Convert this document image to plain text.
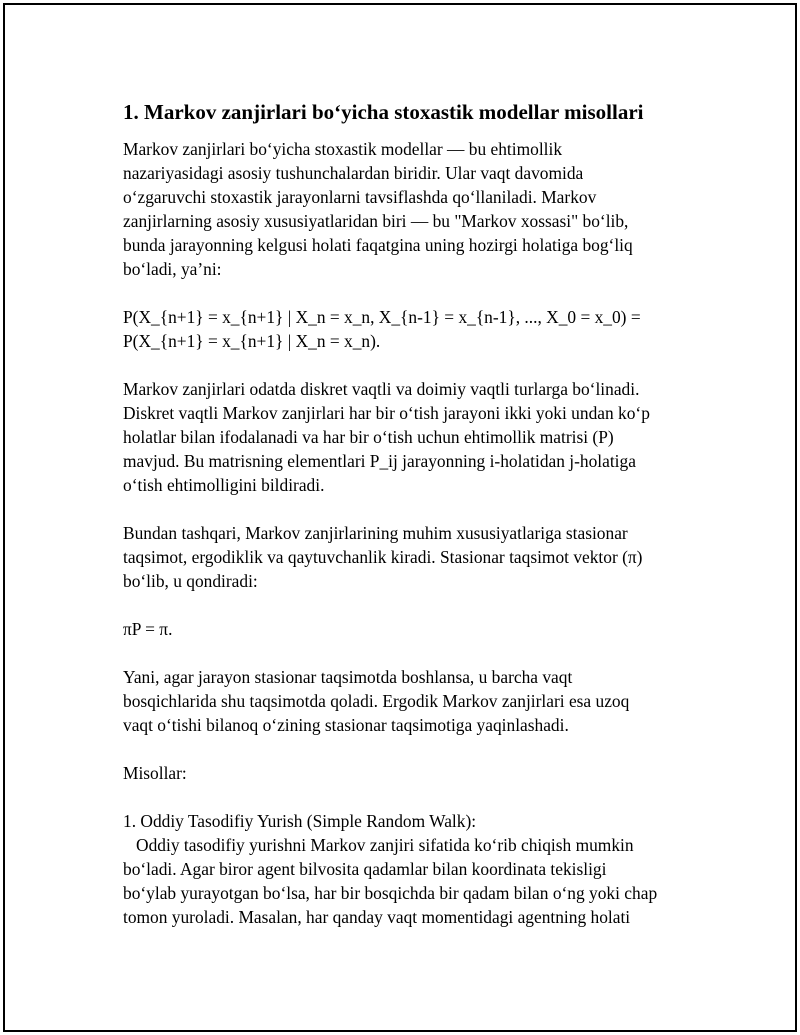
1. Markov zanjirlari bo‘yicha stoxastik modellar misollari
Markov zanjirlari bo‘yicha stoxastik modellar — bu ehtimollik
nazariyasidagi asosiy tushunchalardan biridir. Ular vaqt davomida
o‘zgaruvchi stoxastik jarayonlarni tavsiflashda qo‘llaniladi. Markov
zanjirlarning asosiy xususiyatlaridan biri — bu "Markov xossasi" bo‘lib,
bunda jarayonning kelgusi holati faqatgina uning hozirgi holatiga bog‘liq
bo‘ladi, ya’ni:
P(X_{n+1} = x_{n+1} | X_n = x_n, X_{n-1} = x_{n-1}, ..., X_0 = x_0) =
P(X_{n+1} = x_{n+1} | X_n = x_n).
Markov zanjirlari odatda diskret vaqtli va doimiy vaqtli turlarga bo‘linadi.
Diskret vaqtli Markov zanjirlari har bir o‘tish jarayoni ikki yoki undan ko‘p
holatlar bilan ifodalanadi va har bir o‘tish uchun ehtimollik matrisi (P)
mavjud. Bu matrisning elementlari P_ij jarayonning i-holatidan j-holatiga
o‘tish ehtimolligini bildiradi.
Bundan tashqari, Markov zanjirlarining muhim xususiyatlariga stasionar
taqsimot, ergodiklik va qaytuvchanlik kiradi. Stasionar taqsimot vektor (π)
bo‘lib, u qondiradi:
πP = π.
Yani, agar jarayon stasionar taqsimotda boshlansa, u barcha vaqt
bosqichlarida shu taqsimotda qoladi. Ergodik Markov zanjirlari esa uzoq
vaqt o‘tishi bilanoq o‘zining stasionar taqsimotiga yaqinlashadi.
Misollar:
1. Oddiy Tasodifiy Yurish (Simple Random Walk):
Oddiy tasodifiy yurishni Markov zanjiri sifatida ko‘rib chiqish mumkin
bo‘ladi. Agar biror agent bilvosita qadamlar bilan koordinata tekisligi
bo‘ylab yurayotgan bo‘lsa, har bir bosqichda bir qadam bilan o‘ng yoki chap
tomon yuroladi. Masalan, har qanday vaqt momentidagi agentning holati
